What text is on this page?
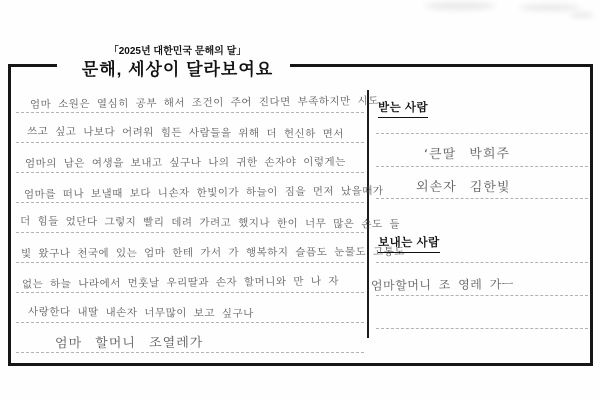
「2025년 대한민국 문해의 달」
문해, 세상이 달라보여요
엄마 소원은 열심히 공부 해서 조건이 주어 진다면 부족하지만 시도
쓰고 싶고 나보다 어려워 힘든 사람들을 위해 더 헌신하 면서
엄마의 남은 여생을 보내고 싶구나 나의 귀한 손자야 이렇게는
엄마를 떠나 보낼때 보다 니손자 한빛이가 하늘이 짐을 먼저 났을때가
더 힘들 었단다 그렇지 빨리 데려 가려고 했지나 한이 너무 많은 손도 들
빛 왔구나 천국에 있는 엄마 한테 가서 가 행복하지 슬픔도 눈물도 고통도
없는 하늘 나라에서 먼훗날 우리딸과 손자 할머니와 만 나 자
사랑한다 내딸 내손자 너무많이 보고 싶구나
엄마 할머니 조열레가
받는 사람
ʻ큰딸 박희주
외손자 김한빛
보내는 사람
엄마할머니 조 영레 가ㅡ
